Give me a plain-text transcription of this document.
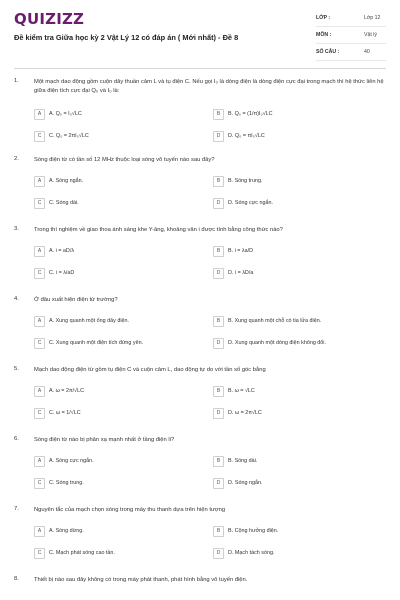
QUIZIZZ
Đề kiểm tra Giữa học kỳ 2 Vật Lý 12 có đáp án ( Mới nhất) - Đề 8
LỚP :	Lớp 12
MÔN :	Vật lý
SỐ CÂU :	40
1.	Một mạch dao động gồm cuộn dây thuần cảm L và tụ điện C. Nếu gọi I₀ là dòng điện là dòng điện cực đại trong mạch thì hệ thức liên hệ giữa điện tích cực đại Q₀ và I₀ là:
A	A. Q₀ = I₀√LC	B	B. Q₀ = (1/π)I₀√LC
C	C. Q₀ = 2πI₀√LC	D	D. Q₀ = πI₀√LC
2.	Sóng điện từ có tần số 12 MHz thuộc loại sóng vô tuyến nào sau đây?
A	A. Sóng ngắn.	B	B. Sóng trung.
C	C. Sóng dài.	D	D. Sóng cực ngắn.
3.	Trong thí nghiệm về giao thoa ánh sáng khe Y-âng, khoảng vân i được tính bằng công thức nào?
A	A. i = aD/λ	B	B. i = λa/D
C	C. i = λ/aD	D	D. i = λD/a
4.	Ở đâu xuất hiện điện từ trường?
A	A. Xung quanh một ống dây điện.	B	B. Xung quanh một chỗ có tia lửa điện.
C	C. Xung quanh một điện tích đứng yên.	D	D. Xung quanh một dòng điện không đổi.
5.	Mạch dao động điện từ gồm tụ điện C và cuộn cảm L, dao động tự do với tần số góc bằng
A	A. ω = 2π/√LC	B	B. ω = √LC
C	C. ω = 1/√LC	D	D. ω = 2π√LC
6.	Sóng điện từ nào bị phản xạ mạnh nhất ở tầng điện li?
A	A. Sóng cực ngắn.	B	B. Sóng dài.
C	C. Sóng trung.	D	D. Sóng ngắn.
7.	Nguyên tắc của mạch chọn sóng trong máy thu thanh dựa trên hiện tượng
A	A. Sóng dừng.	B	B. Cộng hưởng điện.
C	C. Mạch phát sóng cao tần.	D	D. Mạch tách sóng.
8.	Thiết bị nào sau đây không có trong máy phát thanh, phát hình bằng vô tuyến điện.
